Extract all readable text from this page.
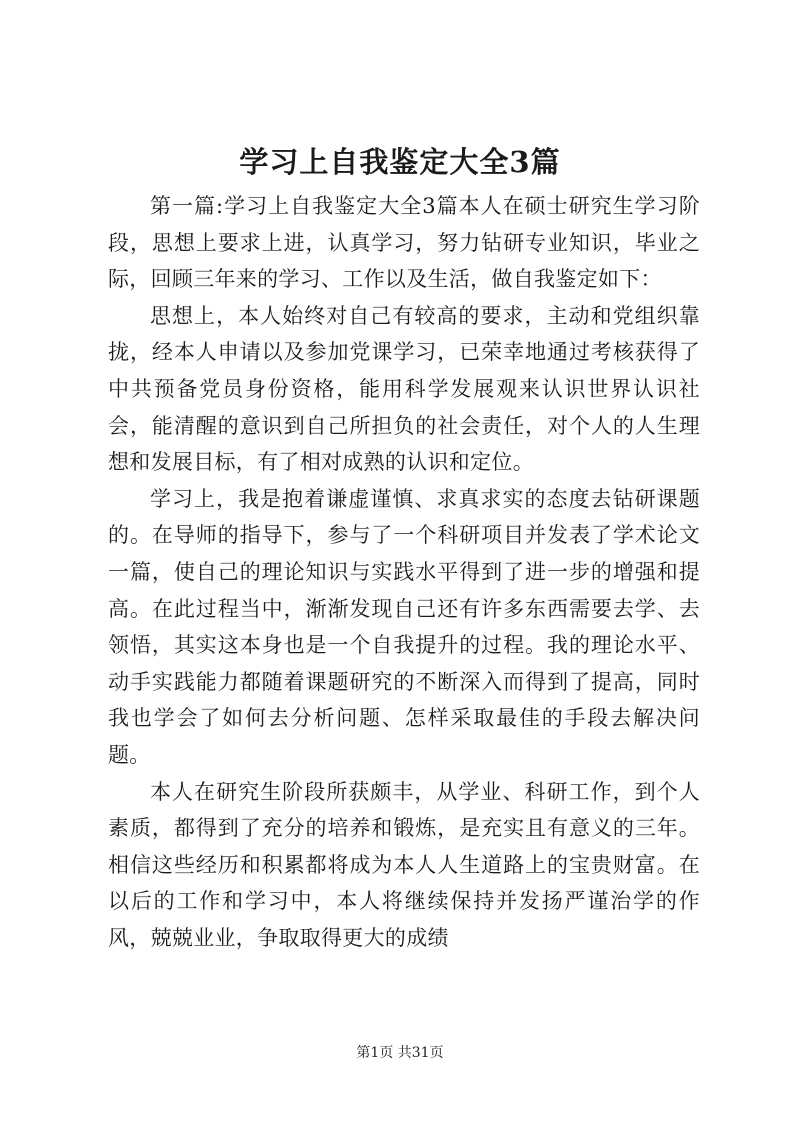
学习上自我鉴定大全3篇

第一篇:学习上自我鉴定大全3篇本人在硕士研究生学习阶段，思想上要求上进，认真学习，努力钻研专业知识，毕业之际，回顾三年来的学习、工作以及生活，做自我鉴定如下：

思想上，本人始终对自己有较高的要求，主动和党组织靠拢，经本人申请以及参加党课学习，已荣幸地通过考核获得了中共预备党员身份资格，能用科学发展观来认识世界认识社会，能清醒的意识到自己所担负的社会责任，对个人的人生理想和发展目标，有了相对成熟的认识和定位。

学习上，我是抱着谦虚谨慎、求真求实的态度去钻研课题的。在导师的指导下，参与了一个科研项目并发表了学术论文一篇，使自己的理论知识与实践水平得到了进一步的增强和提高。在此过程当中，渐渐发现自己还有许多东西需要去学、去领悟，其实这本身也是一个自我提升的过程。我的理论水平、动手实践能力都随着课题研究的不断深入而得到了提高，同时我也学会了如何去分析问题、怎样采取最佳的手段去解决问题。

本人在研究生阶段所获颇丰，从学业、科研工作，到个人素质，都得到了充分的培养和锻炼，是充实且有意义的三年。相信这些经历和积累都将成为本人人生道路上的宝贵财富。在以后的工作和学习中，本人将继续保持并发扬严谨治学的作风，兢兢业业，争取取得更大的成绩

第1页 共31页
